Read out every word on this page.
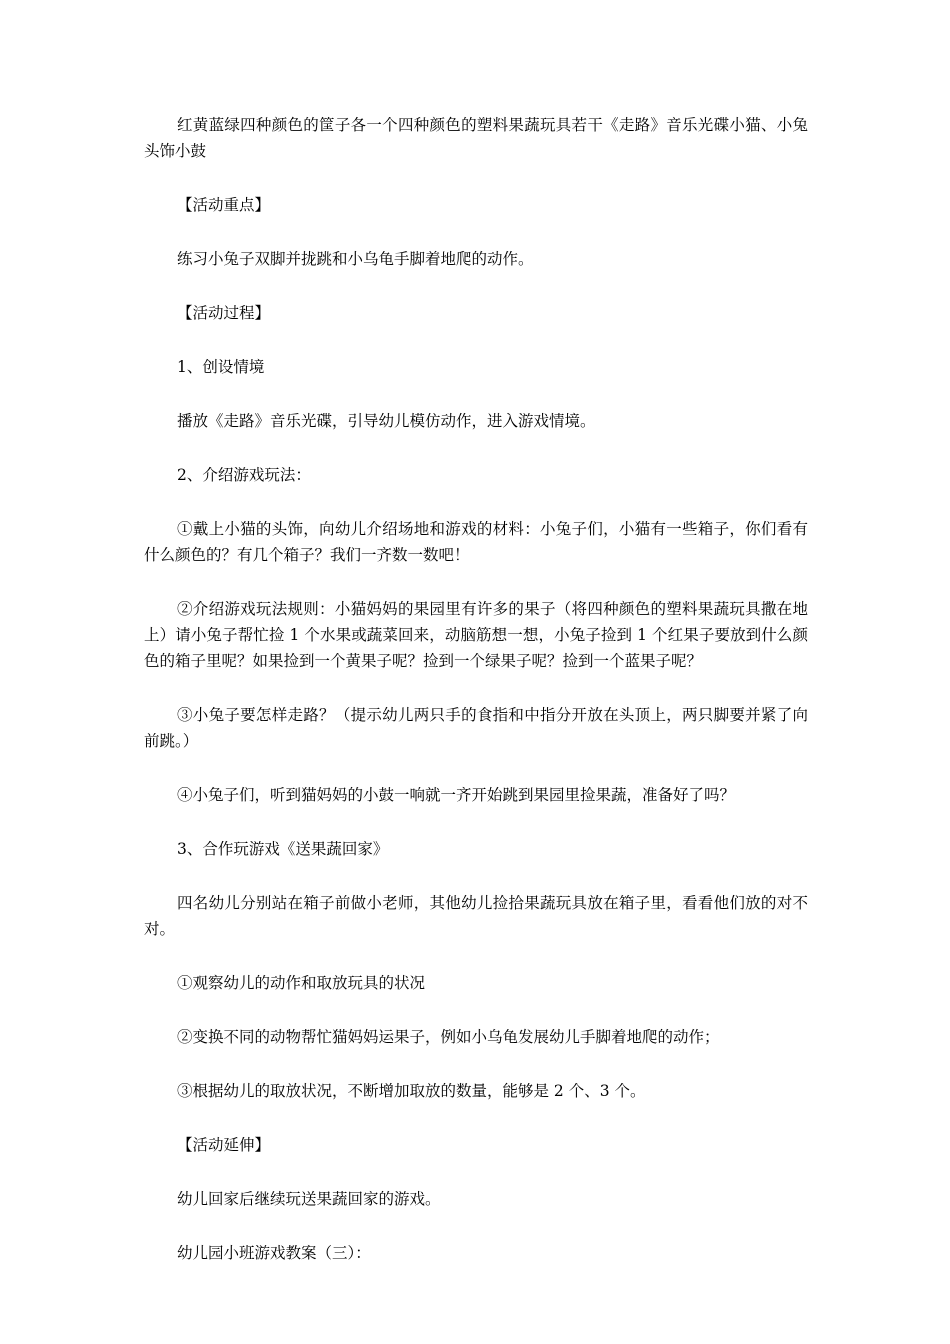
红黄蓝绿四种颜色的筐子各一个四种颜色的塑料果蔬玩具若干《走路》音乐光碟小猫、小兔头饰小鼓

【活动重点】

练习小兔子双脚并拢跳和小乌龟手脚着地爬的动作。

【活动过程】

1、创设情境

播放《走路》音乐光碟，引导幼儿模仿动作，进入游戏情境。

2、介绍游戏玩法：

①戴上小猫的头饰，向幼儿介绍场地和游戏的材料：小兔子们，小猫有一些箱子，你们看有什么颜色的？有几个箱子？我们一齐数一数吧！

②介绍游戏玩法规则：小猫妈妈的果园里有许多的果子（将四种颜色的塑料果蔬玩具撒在地上）请小兔子帮忙捡 1 个水果或蔬菜回来，动脑筋想一想，小兔子捡到 1 个红果子要放到什么颜色的箱子里呢？如果捡到一个黄果子呢？捡到一个绿果子呢？捡到一个蓝果子呢？

③小兔子要怎样走路？（提示幼儿两只手的食指和中指分开放在头顶上，两只脚要并紧了向前跳。）

④小兔子们，听到猫妈妈的小鼓一响就一齐开始跳到果园里捡果蔬，准备好了吗？

3、合作玩游戏《送果蔬回家》

四名幼儿分别站在箱子前做小老师，其他幼儿捡拾果蔬玩具放在箱子里，看看他们放的对不对。

①观察幼儿的动作和取放玩具的状况

②变换不同的动物帮忙猫妈妈运果子，例如小乌龟发展幼儿手脚着地爬的动作；

③根据幼儿的取放状况，不断增加取放的数量，能够是 2 个、3 个。

【活动延伸】

幼儿回家后继续玩送果蔬回家的游戏。

幼儿园小班游戏教案（三）：
